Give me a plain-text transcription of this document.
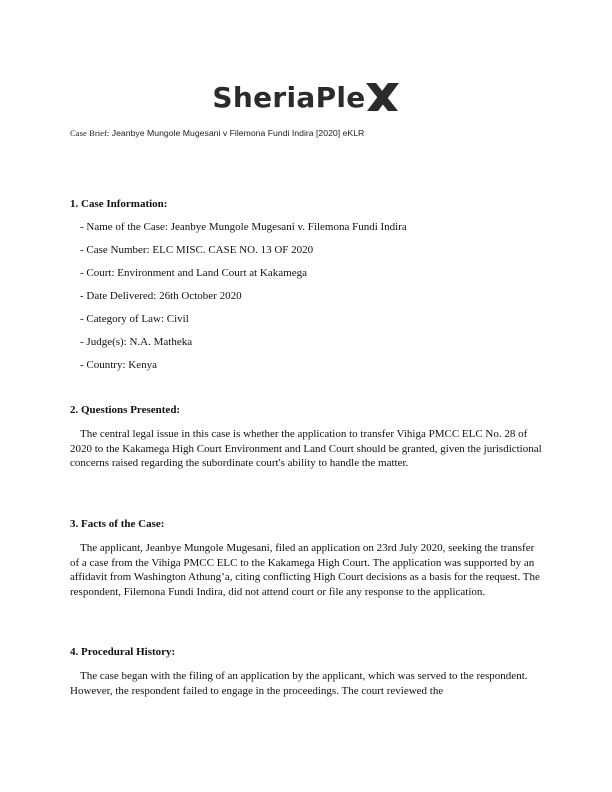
SheriaPle
Case Brief: Jeanbye Mungole Mugesani v Filemona Fundi Indira [2020] eKLR
1. Case Information:
- Name of the Case: Jeanbye Mungole Mugesani v. Filemona Fundi Indira
- Case Number: ELC MISC. CASE NO. 13 OF 2020
- Court: Environment and Land Court at Kakamega
- Date Delivered: 26th October 2020
- Category of Law: Civil
- Judge(s): N.A. Matheka
- Country: Kenya
2. Questions Presented:
The central legal issue in this case is whether the application to transfer Vihiga PMCC ELC No. 28 of 2020 to the Kakamega High Court Environment and Land Court should be granted, given the jurisdictional concerns raised regarding the subordinate court's ability to handle the matter.
3. Facts of the Case:
The applicant, Jeanbye Mungole Mugesani, filed an application on 23rd July 2020, seeking the transfer of a case from the Vihiga PMCC ELC to the Kakamega High Court. The application was supported by an affidavit from Washington Athung’a, citing conflicting High Court decisions as a basis for the request. The respondent, Filemona Fundi Indira, did not attend court or file any response to the application.
4. Procedural History:
The case began with the filing of an application by the applicant, which was served to the respondent. However, the respondent failed to engage in the proceedings. The court reviewed the
